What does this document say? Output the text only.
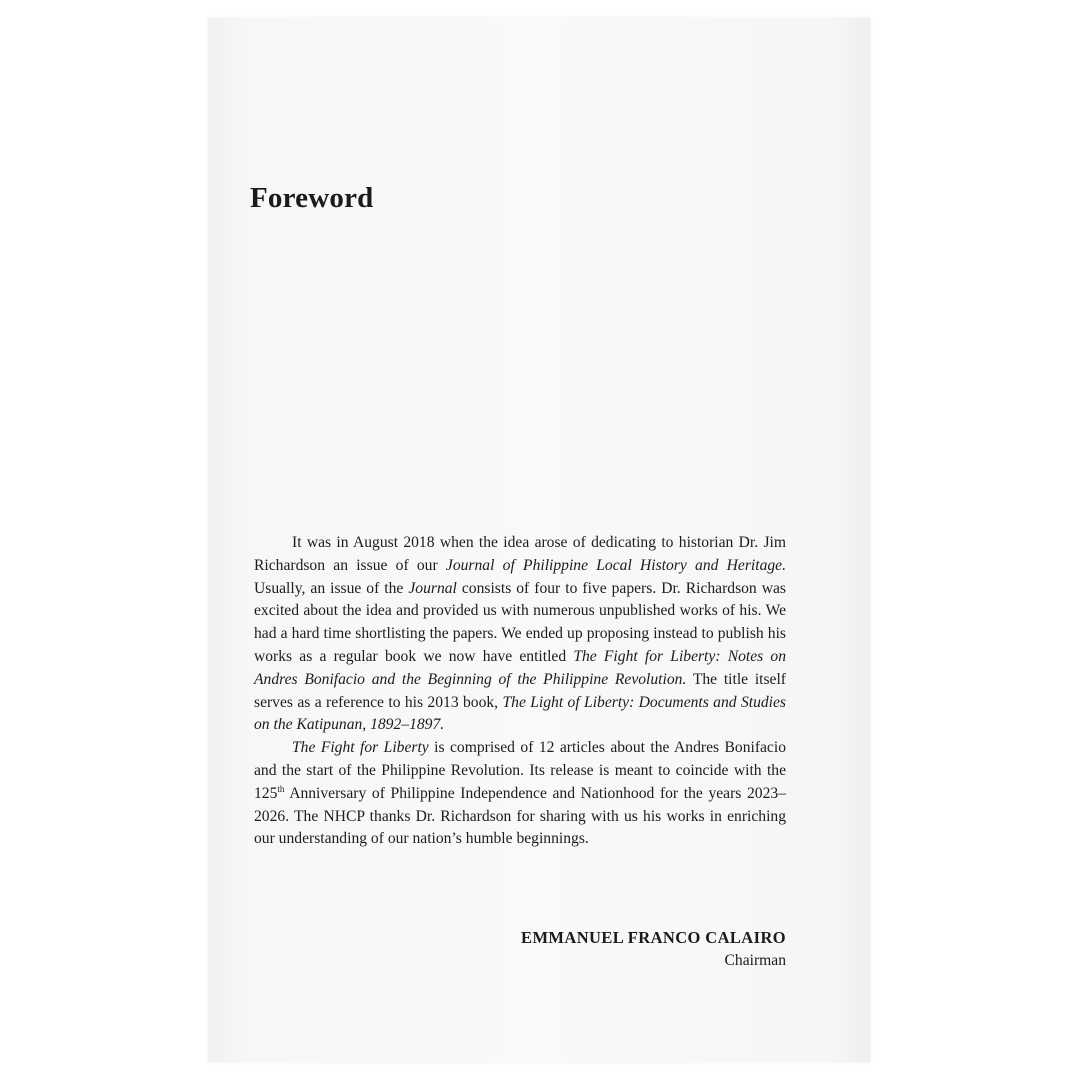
Foreword

It was in August 2018 when the idea arose of dedicating to historian Dr. Jim Richardson an issue of our Journal of Philippine Local History and Heritage. Usually, an issue of the Journal consists of four to five papers. Dr. Richardson was excited about the idea and provided us with numerous unpublished works of his. We had a hard time shortlisting the papers. We ended up proposing instead to publish his works as a regular book we now have entitled The Fight for Liberty: Notes on Andres Bonifacio and the Beginning of the Philippine Revolution. The title itself serves as a reference to his 2013 book, The Light of Liberty: Documents and Studies on the Katipunan, 1892–1897.

The Fight for Liberty is comprised of 12 articles about the Andres Bonifacio and the start of the Philippine Revolution. Its release is meant to coincide with the 125th Anniversary of Philippine Independence and Nationhood for the years 2023–2026. The NHCP thanks Dr. Richardson for sharing with us his works in enriching our understanding of our nation’s humble beginnings.

EMMANUEL FRANCO CALAIRO
Chairman
